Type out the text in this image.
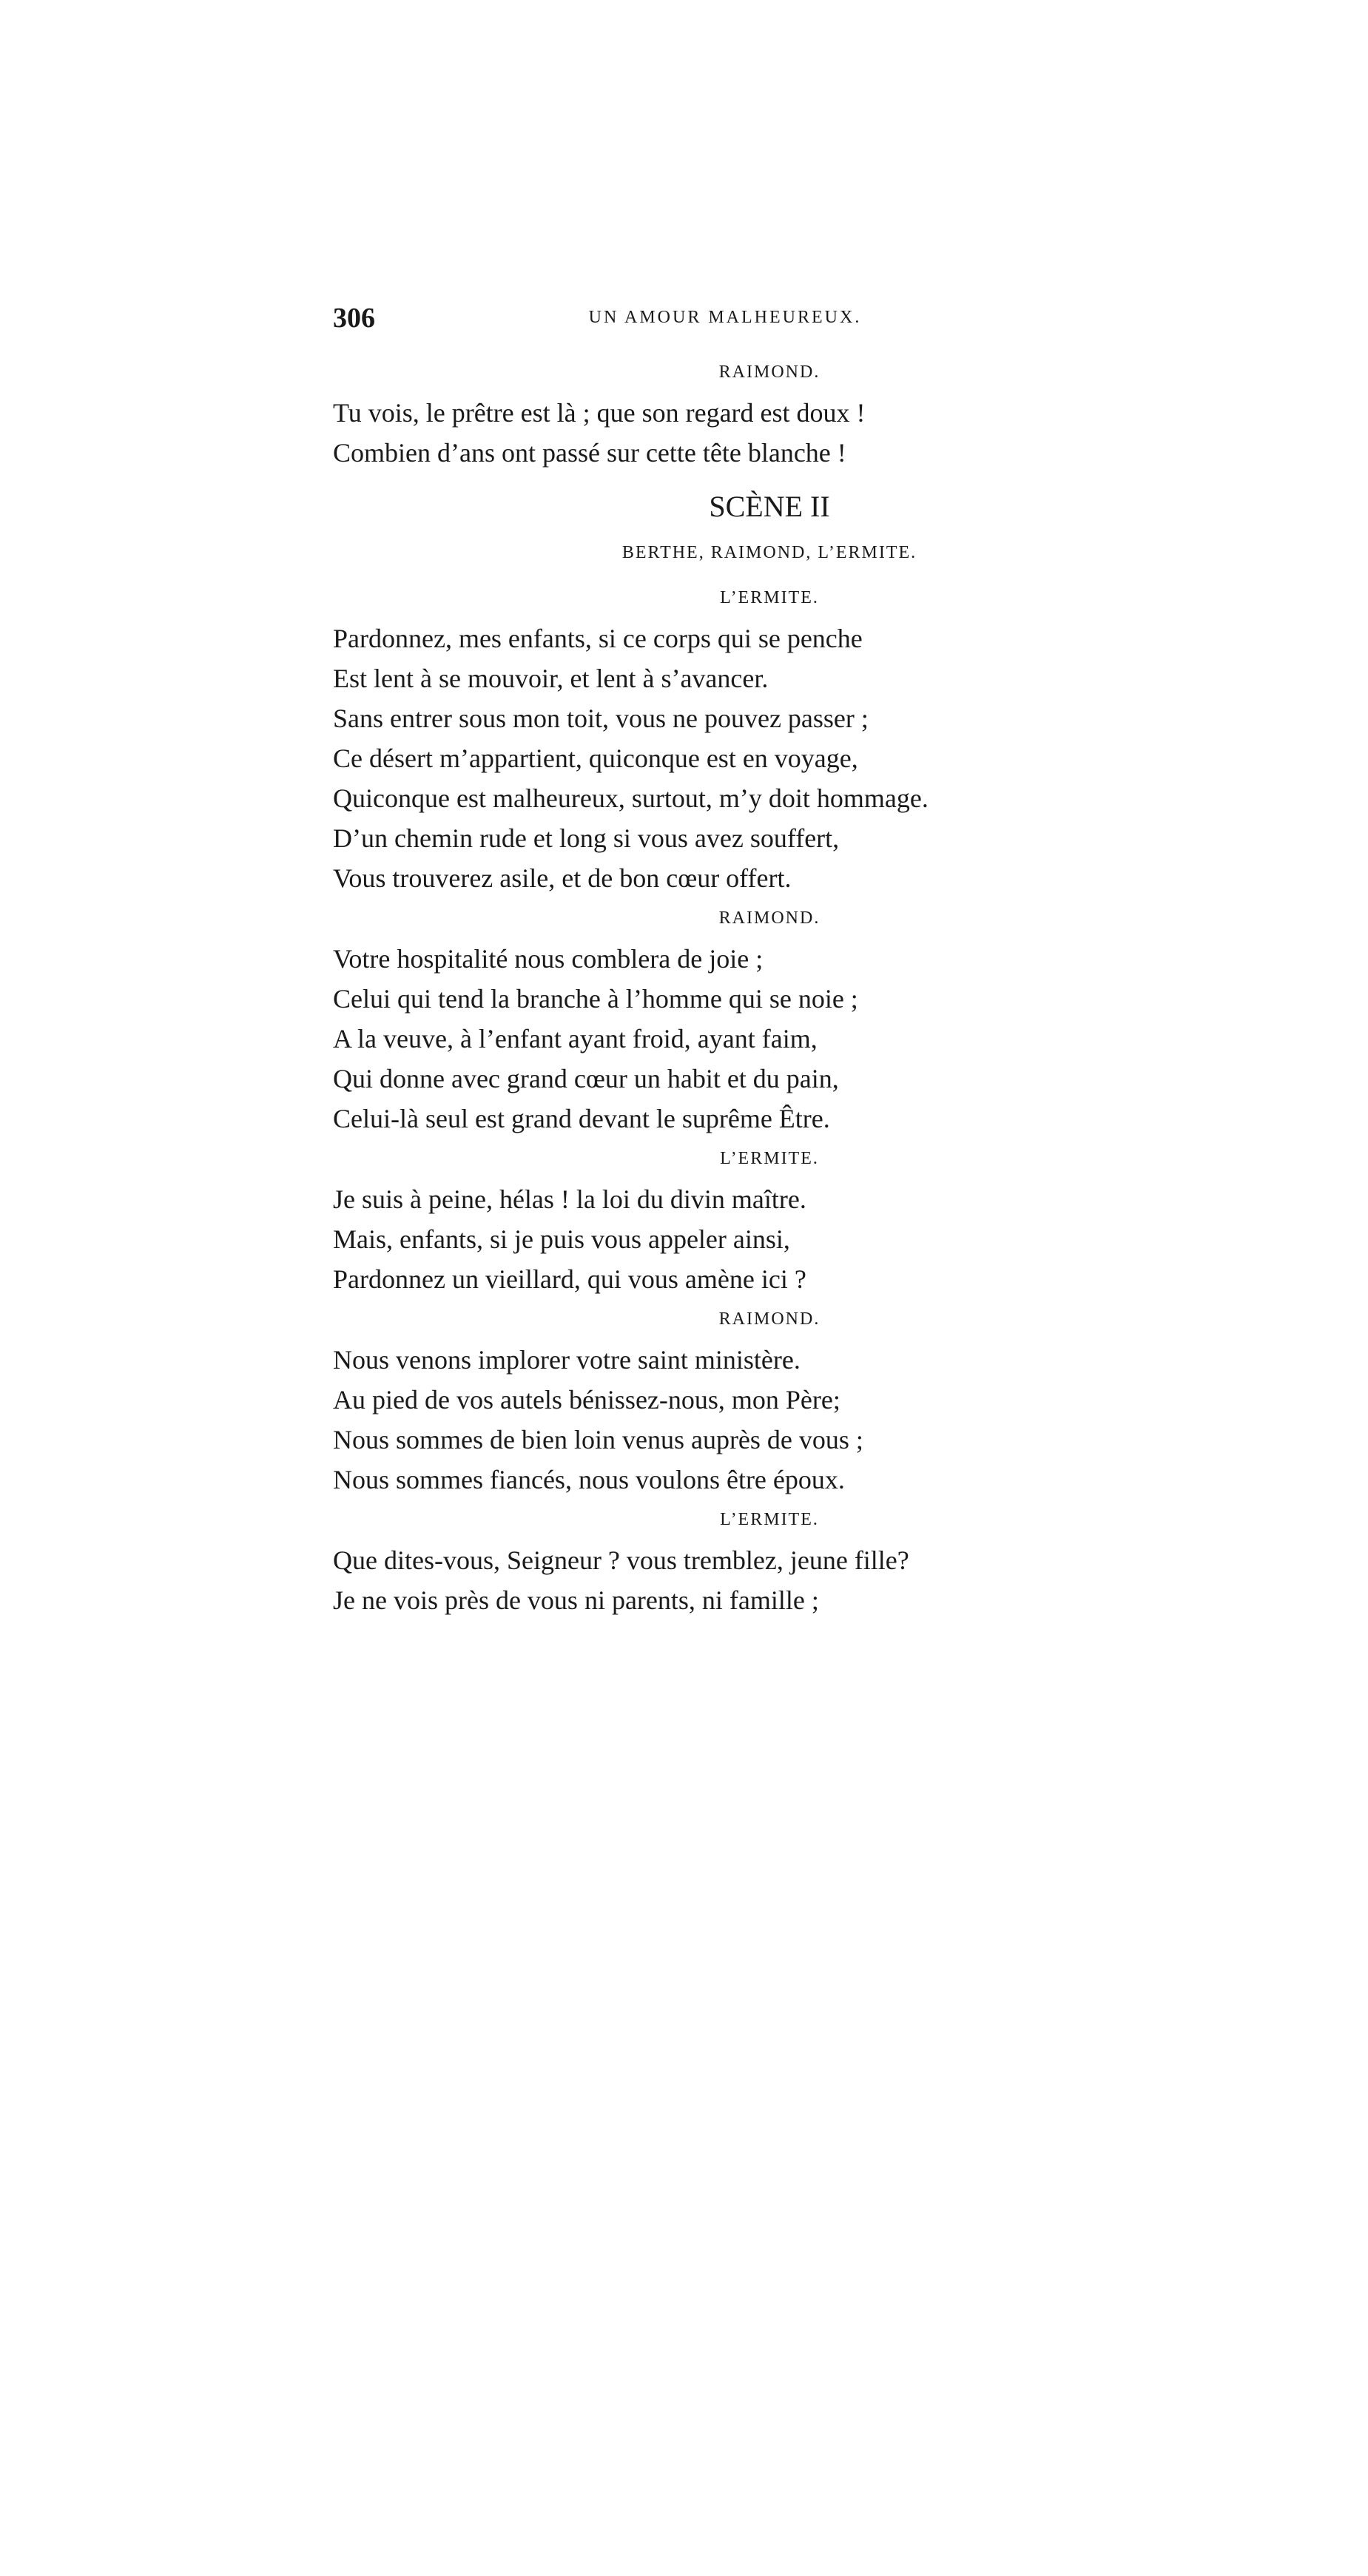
306	UN AMOUR MALHEUREUX.

RAIMOND.

Tu vois, le prêtre est là ; que son regard est doux !

Combien d’ans ont passé sur cette tête blanche !

SCÈNE II

BERTHE, RAIMOND, L’ERMITE.

L’ERMITE.

Pardonnez, mes enfants, si ce corps qui se penche

Est lent à se mouvoir, et lent à s’avancer.

Sans entrer sous mon toit, vous ne pouvez passer ;

Ce désert m’appartient, quiconque est en voyage,

Quiconque est malheureux, surtout, m’y doit hommage.

D’un chemin rude et long si vous avez souffert,

Vous trouverez asile, et de bon cœur offert.

RAIMOND.

Votre hospitalité nous comblera de joie ;

Celui qui tend la branche à l’homme qui se noie ;

A la veuve, à l’enfant ayant froid, ayant faim,

Qui donne avec grand cœur un habit et du pain,

Celui-là seul est grand devant le suprême Être.

L’ERMITE.

Je suis à peine, hélas ! la loi du divin maître.

Mais, enfants, si je puis vous appeler ainsi,

Pardonnez un vieillard, qui vous amène ici ?

RAIMOND.

Nous venons implorer votre saint ministère.

Au pied de vos autels bénissez-nous, mon Père;

Nous sommes de bien loin venus auprès de vous ;

Nous sommes fiancés, nous voulons être époux.

L’ERMITE.

Que dites-vous, Seigneur ? vous tremblez, jeune fille?

Je ne vois près de vous ni parents, ni famille ;
